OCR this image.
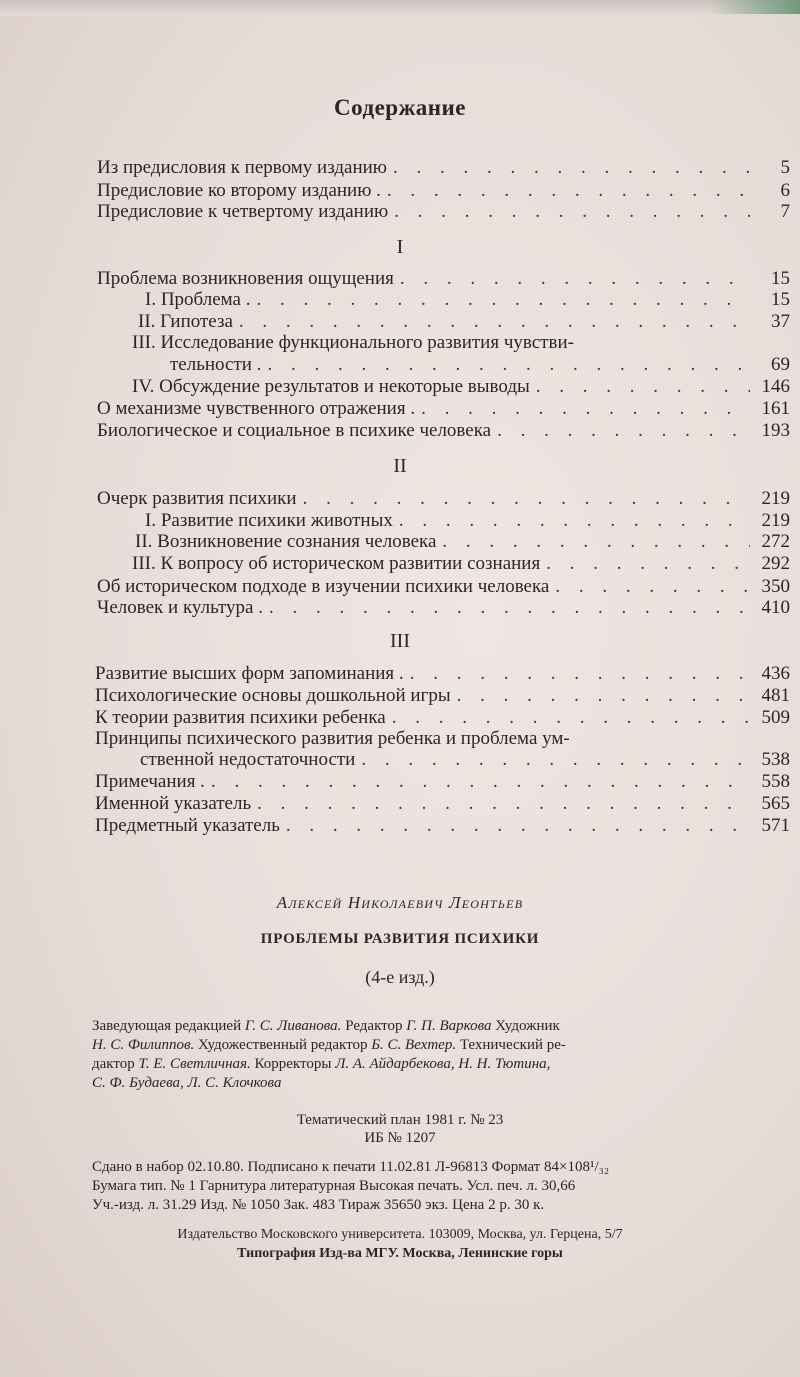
Содержание
Из предисловия к первому изданию . . .	5
Предисловие ко второму изданию . . . .	6
Предисловие к четвертому изданию . . .	7
I
Проблема возникновения ощущения . . .	15
I. Проблема . . . .	15
II. Гипотеза . . .	37
III. Исследование функционального развития чувстви-
тельности . . . .	69
IV. Обсуждение результатов и некоторые выводы . . .	146
О механизме чувственного отражения . . . .	161
Биологическое и социальное в психике человека . . .	193
II
Очерк развития психики . . .	219
I. Развитие психики животных . . .	219
II. Возникновение сознания человека . . .	272
III. К вопросу об историческом развитии сознания . . .	292
Об историческом подходе в изучении психики человека . . .	350
Человек и культура . . . .	410
III
Развитие высших форм запоминания . . . .	436
Психологические основы дошкольной игры . . .	481
К теории развития психики ребенка . . .	509
Принципы психического развития ребенка и проблема ум-
ственной недостаточности . . .	538
Примечания . . . .	558
Именной указатель . . .	565
Предметный указатель . . .	571
Алексей Николаевич Леонтьев
ПРОБЛЕМЫ РАЗВИТИЯ ПСИХИКИ
(4-е изд.)
Заведующая редакцией Г. С. Ливанова. Редактор Г. П. Варкова Художник
Н. С. Филиппов. Художественный редактор Б. С. Вехтер. Технический ре-
дактор Т. Е. Светличная. Корректоры Л. А. Айдарбекова, Н. Н. Тютина,
С. Ф. Будаева, Л. С. Клочкова
Тематический план 1981 г. № 23
ИБ № 1207
Сдано в набор 02.10.80. Подписано к печати 11.02.81 Л-96813 Формат 84×108¹/₃₂
Бумага тип. № 1 Гарнитура литературная Высокая печать. Усл. печ. л. 30,66
Уч.-изд. л. 31.29 Изд. № 1050 Зак. 483 Тираж 35650 экз. Цена 2 р. 30 к.
Издательство Московского университета. 103009, Москва, ул. Герцена, 5/7
Типография Изд-ва МГУ. Москва, Ленинские горы
